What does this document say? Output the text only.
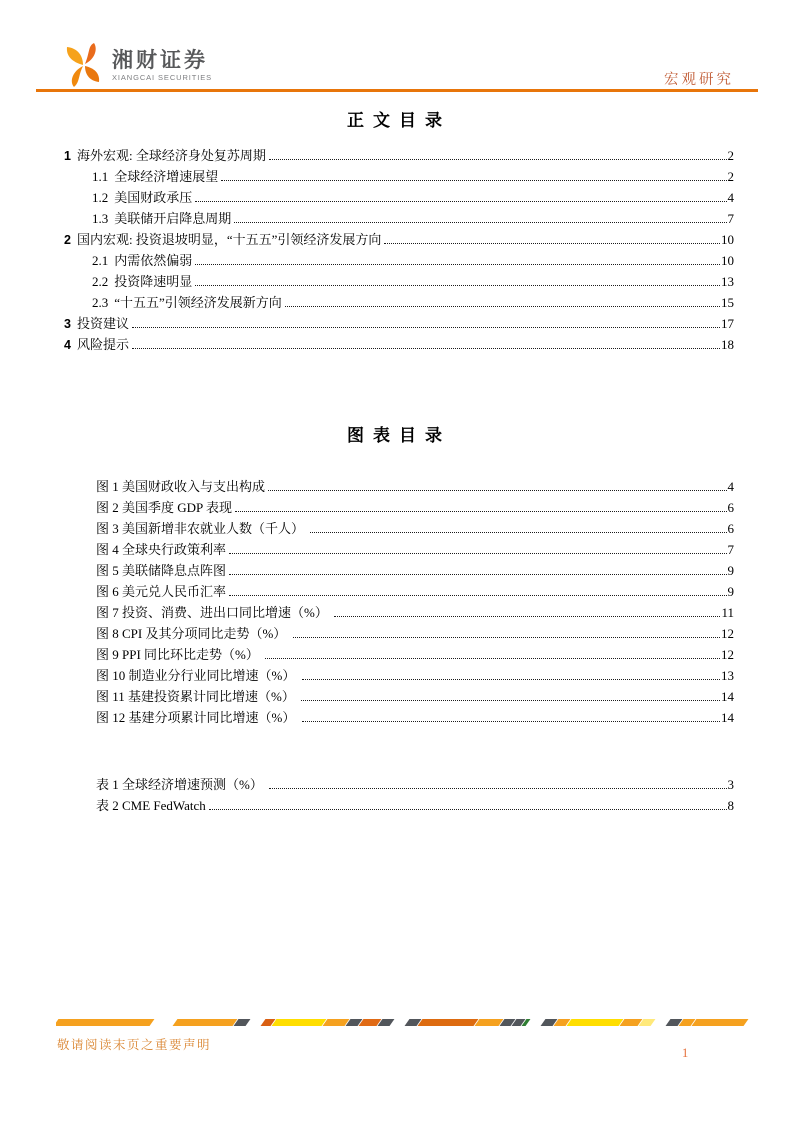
湘财证券
XIANGCAI SECURITIES	宏观研究
正文目录
1 海外宏观: 全球经济身处复苏周期	2
1.1 全球经济增速展望	2
1.2 美国财政承压	4
1.3 美联储开启降息周期	7
2 国内宏观: 投资退坡明显，“十五五”引领经济发展方向	10
2.1 内需依然偏弱	10
2.2 投资降速明显	13
2.3 “十五五”引领经济发展新方向	15
3 投资建议	17
4 风险提示	18
图表目录
图 1 美国财政收入与支出构成	4
图 2 美国季度 GDP 表现	6
图 3 美国新增非农就业人数（千人）	6
图 4 全球央行政策利率	7
图 5 美联储降息点阵图	9
图 6 美元兑人民币汇率	9
图 7 投资、消费、进出口同比增速（%）	11
图 8 CPI 及其分项同比走势（%）	12
图 9 PPI 同比环比走势（%）	12
图 10 制造业分行业同比增速（%）	13
图 11 基建投资累计同比增速（%）	14
图 12 基建分项累计同比增速（%）	14
表 1 全球经济增速预测（%）	3
表 2 CME FedWatch	8
敬请阅读末页之重要声明
1
